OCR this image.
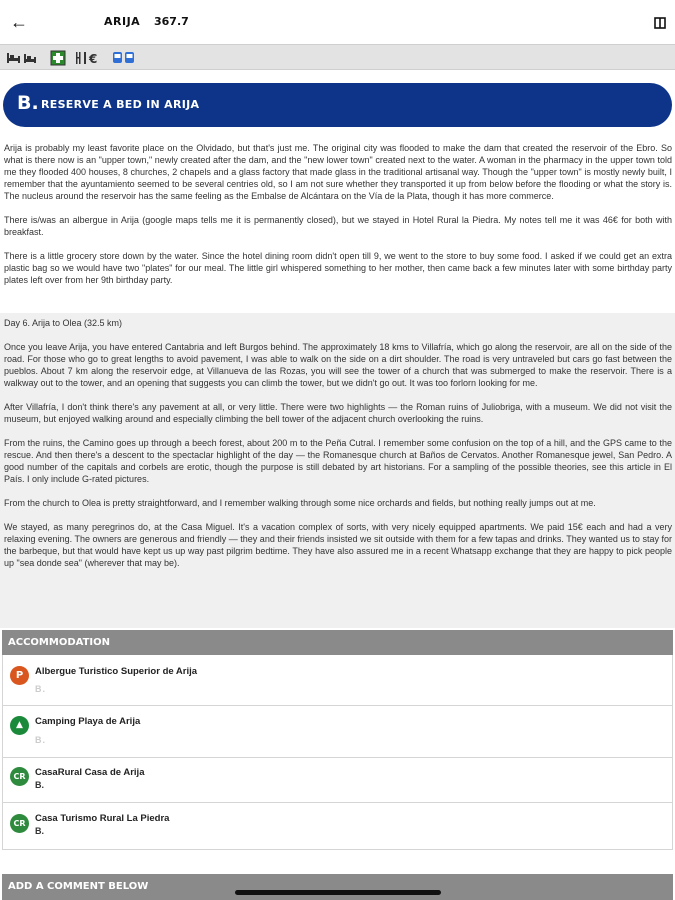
←	ARIJA 367.7
€
B. RESERVE A BED IN ARIJA

Arija is probably my least favorite place on the Olvidado, but that's just me. The original city was flooded to make the dam that created the reservoir of the Ebro. So what is there now is an "upper town," newly created after the dam, and the "new lower town" created next to the water. A woman in the pharmacy in the upper town told me they flooded 400 houses, 8 churches, 2 chapels and a glass factory that made glass in the traditional artisanal way. Though the "upper town" is mostly newly built, I remember that the ayuntamiento seemed to be several centries old, so I am not sure whether they transported it up from below before the flooding or what the story is. The nucleus around the reservoir has the same feeling as the Embalse de Alcántara on the Vía de la Plata, though it has more commerce.

There is/was an albergue in Arija (google maps tells me it is permanently closed), but we stayed in Hotel Rural la Piedra. My notes tell me it was 46€ for both with breakfast.

There is a little grocery store down by the water. Since the hotel dining room didn't open till 9, we went to the store to buy some food. I asked if we could get an extra plastic bag so we would have two "plates" for our meal. The little girl whispered something to her mother, then came back a few minutes later with some birthday party plates left over from her 9th birthday party.

Day 6. Arija to Olea (32.5 km)

Once you leave Arija, you have entered Cantabria and left Burgos behind. The approximately 18 kms to Villafría, which go along the reservoir, are all on the side of the road. For those who go to great lengths to avoid pavement, I was able to walk on the side on a dirt shoulder. The road is very untraveled but cars go fast between the pueblos. About 7 km along the reservoir edge, at Villanueva de las Rozas, you will see the tower of a church that was submerged to make the reservoir. There is a walkway out to the tower, and an opening that suggests you can climb the tower, but we didn't go out. It was too forlorn looking for me.

After Villafría, I don't think there's any pavement at all, or very little. There were two highlights — the Roman ruins of Juliobriga, with a museum. We did not visit the museum, but enjoyed walking around and especially climbing the bell tower of the adjacent church overlooking the ruins.

From the ruins, the Camino goes up through a beech forest, about 200 m to the Peña Cutral. I remember some confusion on the top of a hill, and the GPS came to the rescue. And then there's a descent to the spectaclar highlight of the day — the Romanesque church at Baños de Cervatos. Another Romanesque jewel, San Pedro. A good number of the capitals and corbels are erotic, though the purpose is still debated by art historians. For a sampling of the possible theories, see this article in El País. I only include G-rated pictures.

From the church to Olea is pretty straightforward, and I remember walking through some nice orchards and fields, but nothing really jumps out at me.

We stayed, as many peregrinos do, at the Casa Miguel. It's a vacation complex of sorts, with very nicely equipped apartments. We paid 15€ each and had a very relaxing evening. The owners are generous and friendly — they and their friends insisted we sit outside with them for a few tapas and drinks. They wanted us to stay for the barbeque, but that would have kept us up way past pilgrim bedtime. They have also assured me in a recent Whatsapp exchange that they are happy to pick people up "sea donde sea" (wherever that may be).

ACCOMMODATION
P	Albergue Turistico Superior de Arija
B.
▲	Camping Playa de Arija
B.
CR CasaRural Casa de Arija
B.
CR Casa Turismo Rural La Piedra
B.
ADD A COMMENT BELOW
